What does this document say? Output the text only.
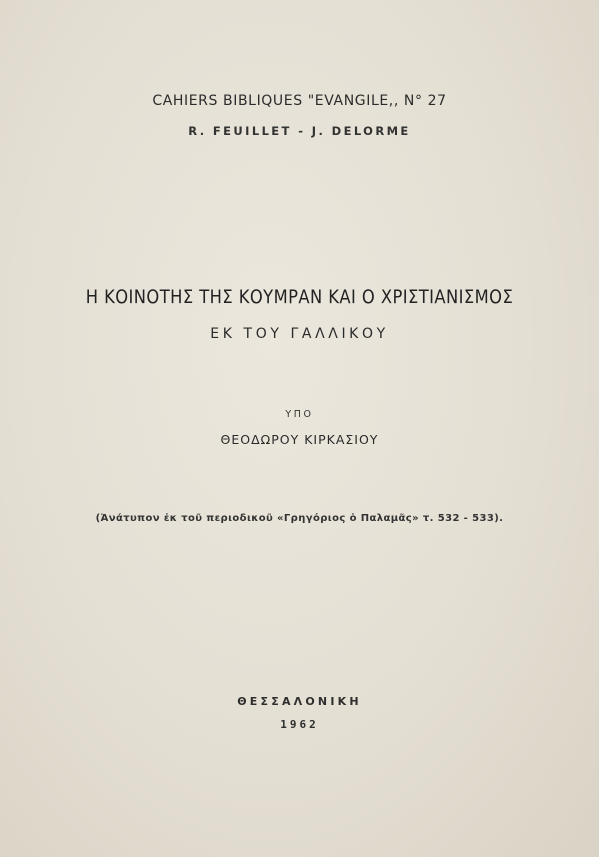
CAHIERS BIBLIQUES "EVANGILE,, N° 27
R. FEUILLET - J. DELORME
Η ΚΟΙΝΟΤΗΣ ΤΗΣ ΚΟΥΜΡΑΝ ΚΑΙ Ο ΧΡΙΣΤΙΑΝΙΣΜΟΣ
ΕΚ ΤΟΥ ΓΑΛΛΙΚΟΥ
ΥΠΟ
ΘΕΟΔΩΡΟΥ ΚΙΡΚΑΣΙΟΥ
(Ἀνάτυπον ἐκ τοῦ περιοδικοῦ «Γρηγόριος ὁ Παλαμᾶς» τ. 532 - 533).
ΘΕΣΣΑΛΟΝΙΚΗ
1962
